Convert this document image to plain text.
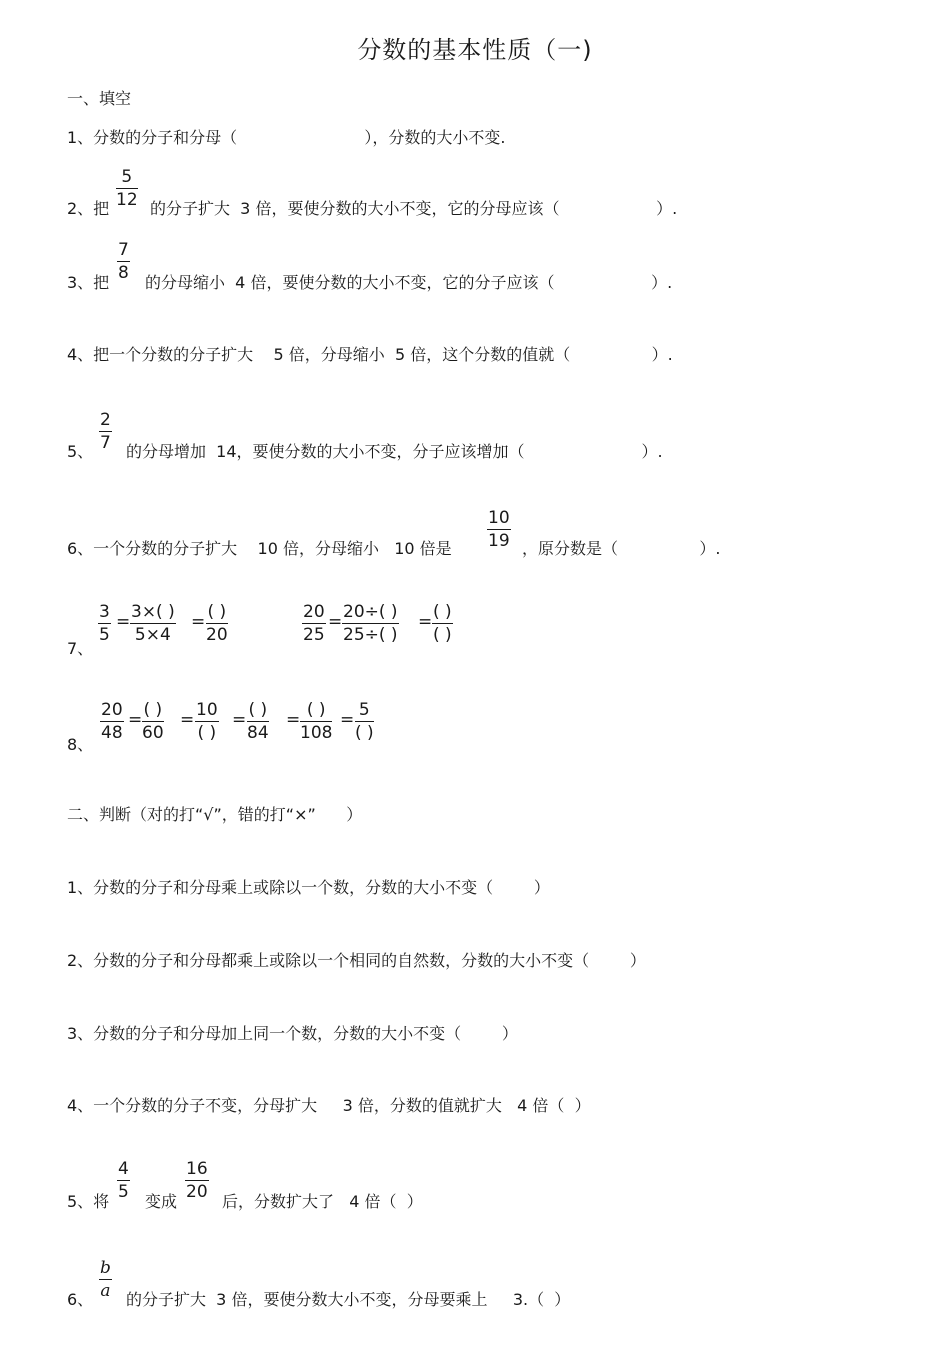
分数的基本性质（一)
一、填空
1、分数的分子和分母（                         ），分数的大小不变.
2、把 $\frac{5}{12}$ 的分子扩大  3 倍，要使分数的大小不变，它的分母应该（                   ）.
3、把 $\frac{7}{8}$ 的分母缩小  4 倍，要使分数的大小不变，它的分子应该（                   ）.
4、把一个分数的分子扩大    5 倍，分母缩小  5 倍，这个分数的值就（                ）.
5、 $\frac{2}{7}$ 的分母增加  14，要使分数的大小不变，分子应该增加（                       ）.
6、一个分数的分子扩大    10 倍，分母缩小   10 倍是 $\frac{10}{19}$ ，原分数是（                ）.
7、
$\frac{3}{5} = \frac{3\times( )}{5\times 4}$ = ( )
20	$\frac{20}{25} = \frac{20\div( )}{25\div( )}$ = ( )
( )
8、
$\frac{20}{48}$ = ( )
60
= 10
( )
= ( )
84
= ( )
108
= 5
( )
二、判断（对的打“√”，错的打“×”      ）
1、分数的分子和分母乘上或除以一个数，分数的大小不变（        ）
2、分数的分子和分母都乘上或除以一个相同的自然数，分数的大小不变（        ）
3、分数的分子和分母加上同一个数，分数的大小不变（        ）
4、一个分数的分子不变，分母扩大     3 倍，分数的值就扩大   4 倍（  ）
5、将 $\frac{4}{5}$ 变成 $\frac{16}{20}$ 后，分数扩大了   4 倍（  ）
6、 $\frac{b}{a}$ 的分子扩大  3 倍，要使分数大小不变，分母要乘上     3.（  ）
